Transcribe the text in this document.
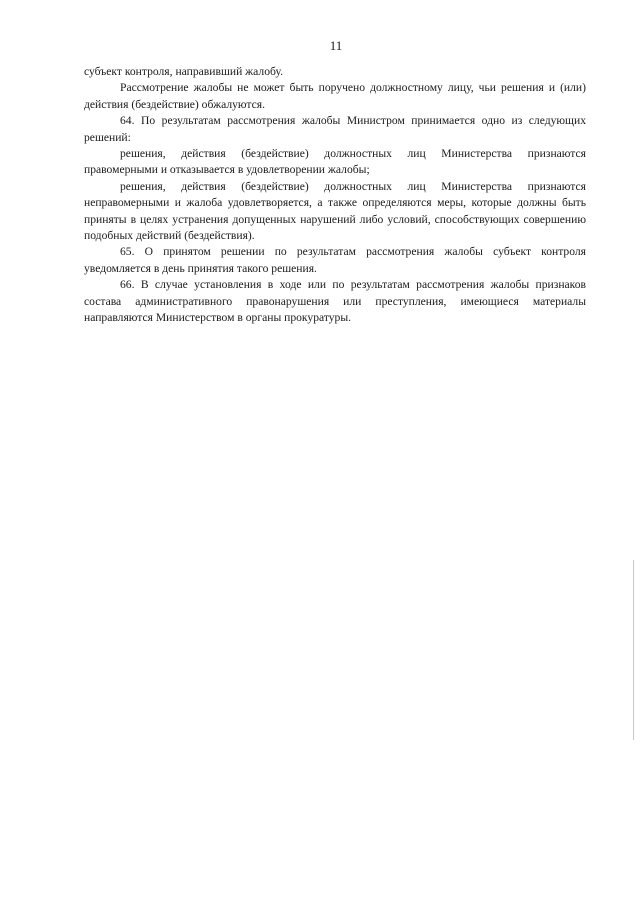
11

субъект контроля, направивший жалобу.

Рассмотрение жалобы не может быть поручено должностному лицу, чьи решения и (или) действия (бездействие) обжалуются.

64. По результатам рассмотрения жалобы Министром принимается одно из следующих решений:

решения, действия (бездействие) должностных лиц Министерства признаются правомерными и отказывается в удовлетворении жалобы;

решения, действия (бездействие) должностных лиц Министерства признаются неправомерными и жалоба удовлетворяется, а также определяются меры, которые должны быть приняты в целях устранения допущенных нарушений либо условий, способствующих совершению подобных действий (бездействия).

65. О принятом решении по результатам рассмотрения жалобы субъект контроля уведомляется в день принятия такого решения.

66. В случае установления в ходе или по результатам рассмотрения жалобы признаков состава административного правонарушения или преступления, имеющиеся материалы направляются Министерством в органы прокуратуры.
